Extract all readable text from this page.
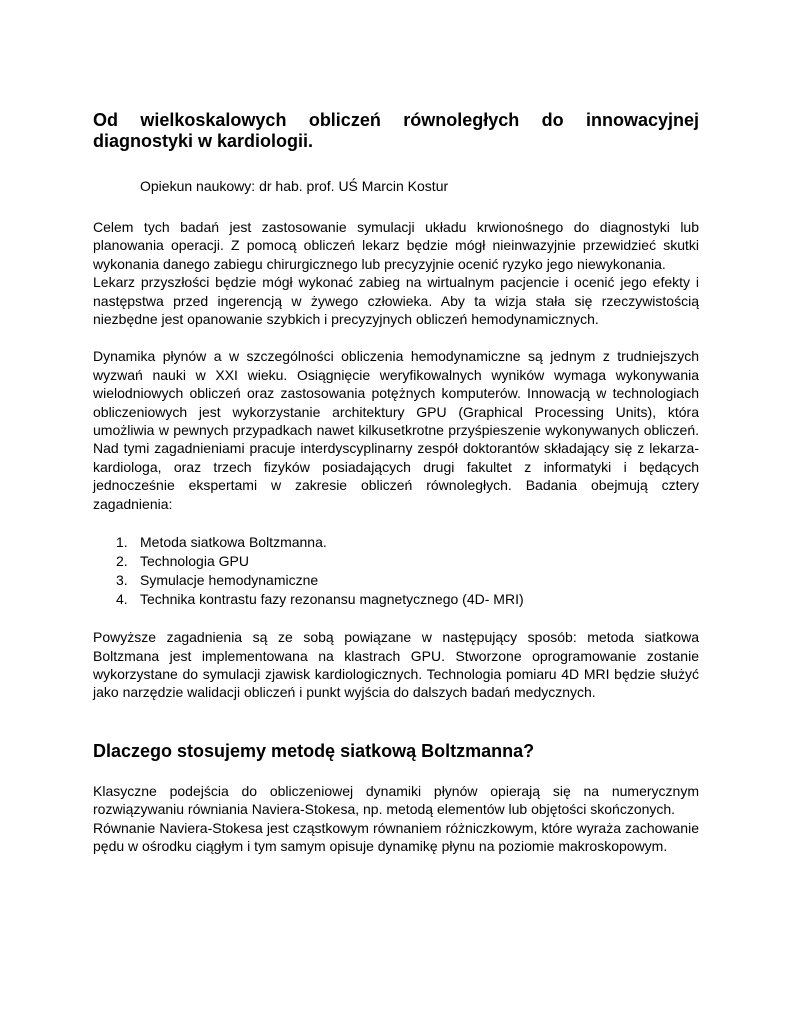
Od wielkoskalowych obliczeń równoległych do innowacyjnej diagnostyki w kardiologii.
Opiekun naukowy: dr hab. prof. UŚ Marcin Kostur

Celem tych badań jest zastosowanie symulacji układu krwionośnego do diagnostyki lub planowania operacji. Z pomocą obliczeń lekarz będzie mógł nieinwazyjnie przewidzieć skutki wykonania danego zabiegu chirurgicznego lub precyzyjnie ocenić ryzyko jego niewykonania.

Lekarz przyszłości będzie mógł wykonać zabieg na wirtualnym pacjencie i ocenić jego efekty i następstwa przed ingerencją w żywego człowieka. Aby ta wizja stała się rzeczywistością niezbędne jest opanowanie szybkich i precyzyjnych obliczeń hemodynamicznych.

Dynamika płynów a w szczególności obliczenia hemodynamiczne są jednym z trudniejszych wyzwań nauki w XXI wieku. Osiągnięcie weryfikowalnych wyników wymaga wykonywania wielodniowych obliczeń oraz zastosowania potężnych komputerów. Innowacją w technologiach obliczeniowych jest wykorzystanie architektury GPU (Graphical Processing Units), która umożliwia w pewnych przypadkach nawet kilkusetkrotne przyśpieszenie wykonywanych obliczeń. Nad tymi zagadnieniami pracuje interdyscyplinarny zespół doktorantów składający się z lekarza-kardiologa, oraz trzech fizyków posiadających drugi fakultet z informatyki i będących jednocześnie ekspertami w zakresie obliczeń równoległych. Badania obejmują cztery zagadnienia:

1. Metoda siatkowa Boltzmanna.
2. Technologia GPU
3. Symulacje hemodynamiczne
4. Technika kontrastu fazy rezonansu magnetycznego (4D- MRI)

Powyższe zagadnienia są ze sobą powiązane w następujący sposób: metoda siatkowa Boltzmana jest implementowana na klastrach GPU. Stworzone oprogramowanie zostanie wykorzystane do symulacji zjawisk kardiologicznych. Technologia pomiaru 4D MRI będzie służyć jako narzędzie walidacji obliczeń i punkt wyjścia do dalszych badań medycznych.

Dlaczego stosujemy metodę siatkową Boltzmanna?

Klasyczne podejścia do obliczeniowej dynamiki płynów opierają się na numerycznym rozwiązywaniu równiania Naviera-Stokesa, np. metodą elementów lub objętości skończonych.

Równanie Naviera-Stokesa jest cząstkowym równaniem różniczkowym, które wyraża zachowanie pędu w ośrodku ciągłym i tym samym opisuje dynamikę płynu na poziomie makroskopowym.
